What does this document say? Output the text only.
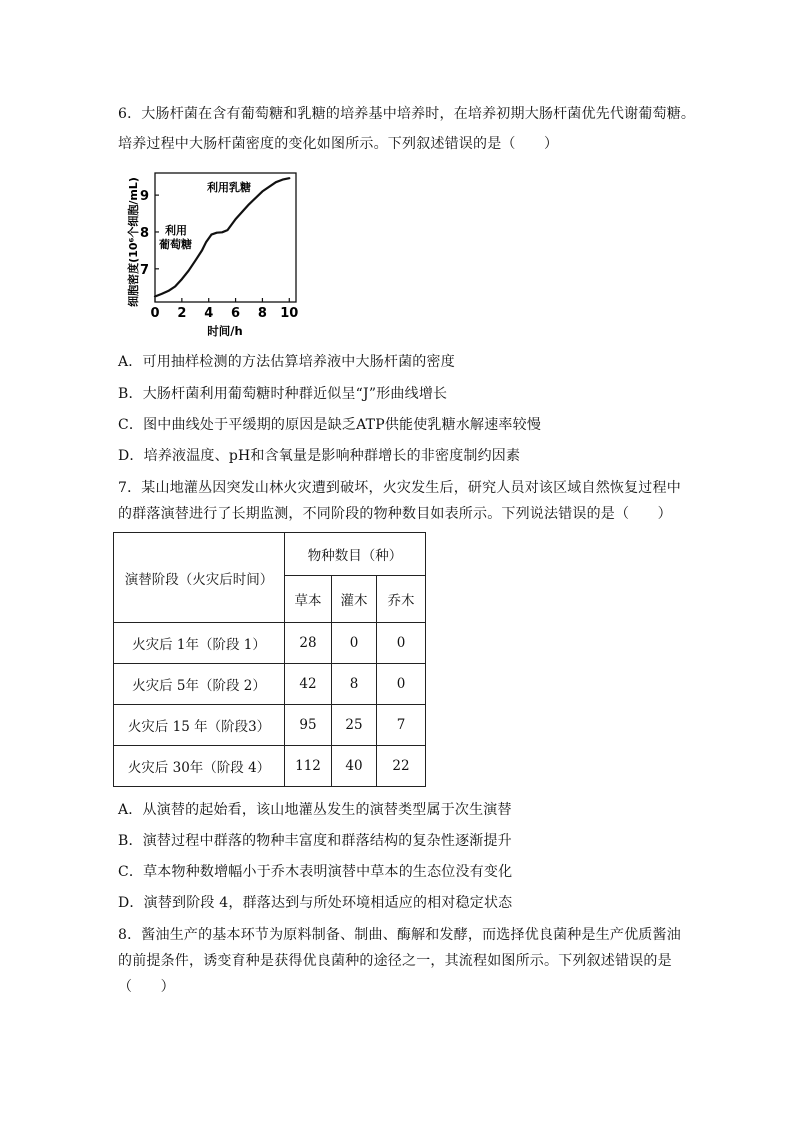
6．大肠杆菌在含有葡萄糖和乳糖的培养基中培养时，在培养初期大肠杆菌优先代谢葡萄糖。
培养过程中大肠杆菌密度的变化如图所示。下列叙述错误的是（　　）
细胞密度(10⁶个细胞/mL) 7
8
9
0 2 4 6 8 10
利用乳糖
利用
葡萄糖
时间/h
A．可用抽样检测的方法估算培养液中大肠杆菌的密度
B．大肠杆菌利用葡萄糖时种群近似呈“J”形曲线增长
C．图中曲线处于平缓期的原因是缺乏ATP供能使乳糖水解速率较慢
D．培养液温度、pH和含氧量是影响种群增长的非密度制约因素
7．某山地灌丛因突发山林火灾遭到破坏，火灾发生后，研究人员对该区域自然恢复过程中
的群落演替进行了长期监测，不同阶段的物种数目如表所示。下列说法错误的是（　　）
演替阶段（火灾后时间）	物种数目（种）		
	草本	灌木	乔木
火灾后 1年（阶段 1）	28	0	0
火灾后 5年（阶段 2）	42	8	0
火灾后 15 年（阶段3）	95	25	7
火灾后 30年（阶段 4）	112	40	22
A．从演替的起始看，该山地灌丛发生的演替类型属于次生演替
B．演替过程中群落的物种丰富度和群落结构的复杂性逐渐提升
C．草本物种数增幅小于乔木表明演替中草本的生态位没有变化
D．演替到阶段 4，群落达到与所处环境相适应的相对稳定状态
8．酱油生产的基本环节为原料制备、制曲、酶解和发酵，而选择优良菌种是生产优质酱油
的前提条件，诱变育种是获得优良菌种的途径之一，其流程如图所示。下列叙述错误的是
（　　）
